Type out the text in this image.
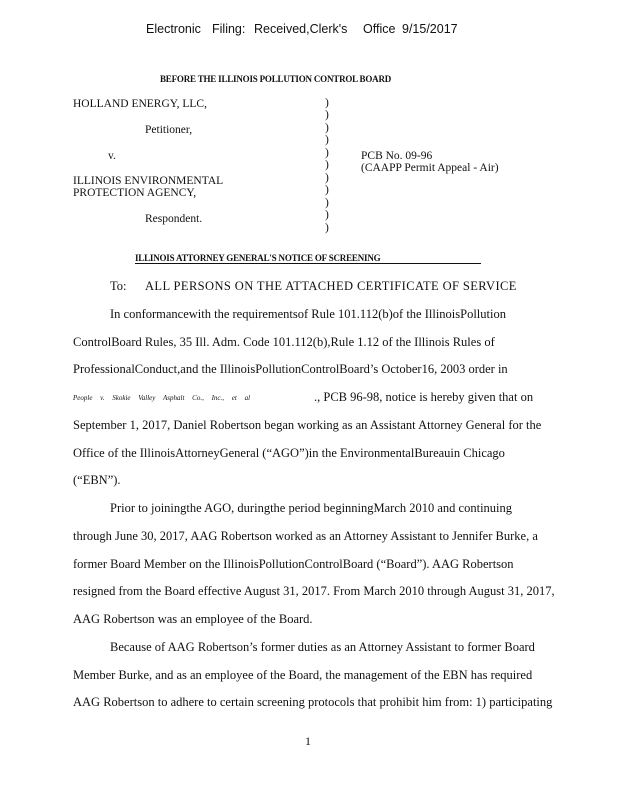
Electronic Filing: Received,Clerk's Office 9/15/2017
BEFORE THE ILLINOIS POLLUTION CONTROL BOARD
HOLLAND ENERGY, LLC,
Petitioner,
v.
ILLINOIS ENVIRONMENTAL
PROTECTION AGENCY,
Respondent.
)
)
)
)
)
)
)
)
)
)
)
PCB No. 09-96
(CAAPP Permit Appeal - Air)
ILLINOIS ATTORNEY GENERAL'S NOTICE OF SCREENING
To: ALL PERSONS ON THE ATTACHED CERTIFICATE OF SERVICE
In conformancewith the requirementsof Rule 101.112(b)of the IllinoisPollution
ControlBoard Rules, 35 Ill. Adm. Code 101.112(b),Rule 1.12 of the Illinois Rules of
ProfessionalConduct,and the IllinoisPollutionControlBoard’s October16, 2003 order in
People v. Skokie Valley Asphalt Co., Inc., et al	., PCB 96-98, notice is hereby given that on
September 1, 2017, Daniel Robertson began working as an Assistant Attorney General for the
Office of the IllinoisAttorneyGeneral (“AGO”)in the EnvironmentalBureauin Chicago
(“EBN”).
Prior to joiningthe AGO, duringthe period beginningMarch 2010 and continuing
through June 30, 2017, AAG Robertson worked as an Attorney Assistant to Jennifer Burke, a
former Board Member on the IllinoisPollutionControlBoard (“Board”). AAG Robertson
resigned from the Board effective August 31, 2017. From March 2010 through August 31, 2017,
AAG Robertson was an employee of the Board.
Because of AAG Robertson’s former duties as an Attorney Assistant to former Board
Member Burke, and as an employee of the Board, the management of the EBN has required
AAG Robertson to adhere to certain screening protocols that prohibit him from: 1) participating
1
